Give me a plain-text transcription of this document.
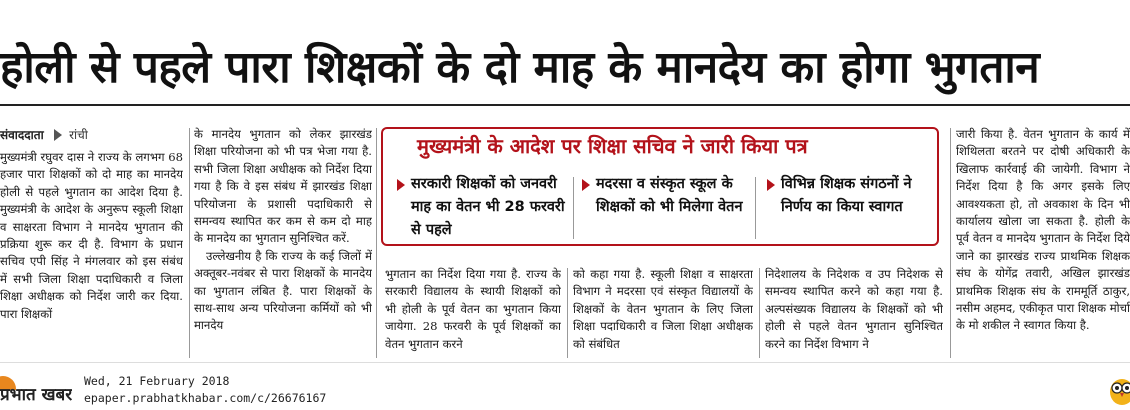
होली से पहले पारा शिक्षकों के दो माह के मानदेय का होगा भुगतान
संवाददाता रांची

मुख्यमंत्री रघुवर दास ने राज्य के लगभग 68 हजार पारा शिक्षकों को दो माह का मानदेय होली से पहले भुगतान का आदेश दिया है. मुख्यमंत्री के आदेश के अनुरूप स्कूली शिक्षा व साक्षरता विभाग ने मानदेय भुगतान की प्रक्रिया शुरू कर दी है. विभाग के प्रधान सचिव एपी सिंह ने मंगलवार को इस संबंध में सभी जिला शिक्षा पदाधिकारी व जिला शिक्षा अधीक्षक को निर्देश जारी कर दिया. पारा शिक्षकों

के मानदेय भुगतान को लेकर झारखंड शिक्षा परियोजना को भी पत्र भेजा गया है. सभी जिला शिक्षा अधीक्षक को निर्देश दिया गया है कि वे इस संबंध में झारखंड शिक्षा परियोजना के प्रशासी पदाधिकारी से समन्वय स्थापित कर कम से कम दो माह के मानदेय का भुगतान सुनिश्चित करें.

उल्लेखनीय है कि राज्य के कई जिलों में अक्तूबर-नवंबर से पारा शिक्षकों के मानदेय का भुगतान लंबित है. पारा शिक्षकों के साथ-साथ अन्य परियोजना कर्मियों को भी मानदेय

मुख्यमंत्री के आदेश पर शिक्षा सचिव ने जारी किया पत्र
सरकारी शिक्षकों को जनवरी माह का वेतन भी 28 फरवरी से पहले
मदरसा व संस्कृत स्कूल के शिक्षकों को भी मिलेगा वेतन
विभिन्न शिक्षक संगठनों ने निर्णय का किया स्वागत

भुगतान का निर्देश दिया गया है. राज्य के सरकारी विद्यालय के स्थायी शिक्षकों को भी होली के पूर्व वेतन का भुगतान किया जायेगा. 28 फरवरी के पूर्व शिक्षकों का वेतन भुगतान करने

को कहा गया है. स्कूली शिक्षा व साक्षरता विभाग ने मदरसा एवं संस्कृत विद्यालयों के शिक्षकों के वेतन भुगतान के लिए जिला शिक्षा पदाधिकारी व जिला शिक्षा अधीक्षक को संबंधित

निदेशालय के निदेशक व उप निदेशक से समन्वय स्थापित करने को कहा गया है. अल्पसंख्यक विद्यालय के शिक्षकों को भी होली से पहले वेतन भुगतान सुनिश्चित करने का निर्देश विभाग ने

जारी किया है. वेतन भुगतान के कार्य में शिथिलता बरतने पर दोषी अधिकारी के खिलाफ कार्रवाई की जायेगी. विभाग ने निर्देश दिया है कि अगर इसके लिए आवश्यकता हो, तो अवकाश के दिन भी कार्यालय खोला जा सकता है. होली के पूर्व वेतन व मानदेय भुगतान के निर्देश दिये जाने का झारखंड राज्य प्राथमिक शिक्षक संघ के योगेंद्र तवारी, अखिल झारखंड प्राथमिक शिक्षक संघ के राममूर्ति ठाकुर, नसीम अहमद, एकीकृत पारा शिक्षक मोर्चा के मो शकील ने स्वागत किया है.

प्रभात खबर
Wed, 21 February 2018
epaper.prabhatkhabar.com/c/26676167
